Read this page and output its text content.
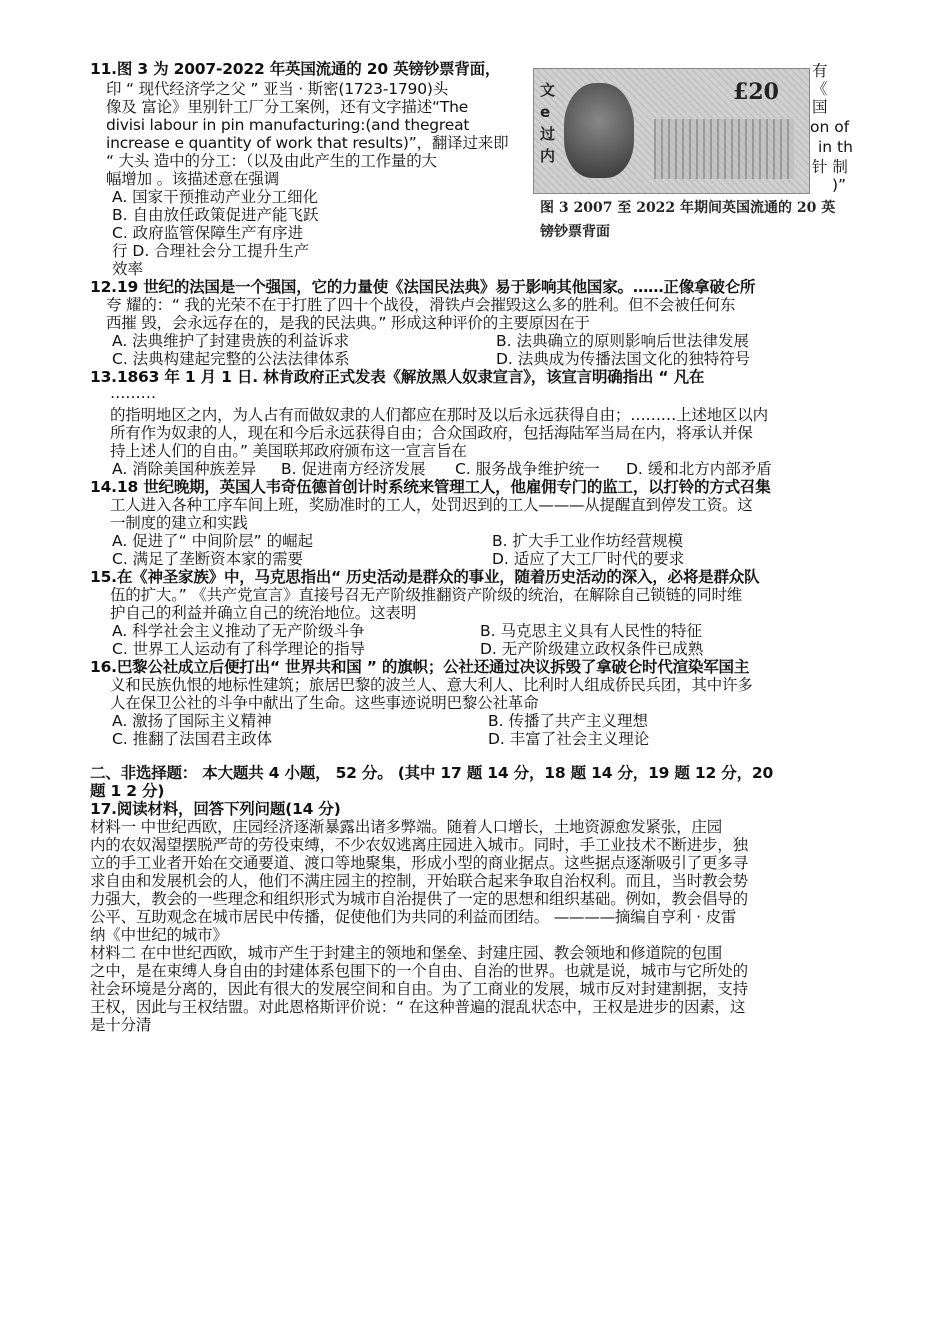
11.图 3 为 2007-2022 年英国流通的 20 英镑钞票背面，
印 “ 现代经济学之父 ” 亚当 · 斯密(1723-1790)头
像及 富论》里别针工厂分工案例，还有文字描述“The
divisi labour in pin manufacturing:(and thegreat
increase e quantity of work that results)”，翻译过来即
“ 大头 造中的分工：（以及由此产生的工作量的大
幅增加 。该描述意在强调
有
《
国
on of
in th
针 制
)”
文
e
过
内
£20
图 3 2007 至 2022 年期间英国流通的 20 英
镑钞票背面
A. 国家干预推动产业分工细化
B. 自由放任政策促进产能飞跃
C. 政府监管保障生产有序进
行 D. 合理社会分工提升生产
效率
12.19 世纪的法国是一个强国，它的力量使《法国民法典》易于影响其他国家。……正像拿破仑所
夸 耀的：“ 我的光荣不在于打胜了四十个战役，滑铁卢会摧毁这么多的胜利。但不会被任何东
西摧 毁，会永远存在的，是我的民法典。” 形成这种评价的主要原因在于
A. 法典维护了封建贵族的利益诉求	B. 法典确立的原则影响后世法律发展
C. 法典构建起完整的公法法律体系	D. 法典成为传播法国文化的独特符号
13.1863 年 1 月 1 日. 林肯政府正式发表《解放黑人奴隶宣言》，该宣言明确指出 “ 凡在
………
的指明地区之内，为人占有而做奴隶的人们都应在那时及以后永远获得自由；………上述地区以内
所有作为奴隶的人，现在和今后永远获得自由；合众国政府，包括海陆军当局在内，将承认并保
持上述人们的自由。” 美国联邦政府颁布这一宣言旨在
A. 消除美国种族差异 B. 促进南方经济发展 C. 服务战争维护统一 D. 缓和北方内部矛盾
14.18 世纪晚期，英国人韦奇伍德首创计时系统来管理工人，他雇佣专门的监工，以打铃的方式召集
工人进入各种工序车间上班，奖励准时的工人，处罚迟到的工人———从提醒直到停发工资。这
一制度的建立和实践
A. 促进了“ 中间阶层” 的崛起	B. 扩大手工业作坊经营规模
C. 满足了垄断资本家的需要	D. 适应了大工厂时代的要求
15.在《神圣家族》中，马克思指出“ 历史活动是群众的事业，随着历史活动的深入，必将是群众队
伍的扩大。” 《共产党宣言》直接号召无产阶级推翻资产阶级的统治，在解除自己锁链的同时维
护自己的利益并确立自己的统治地位。这表明
A. 科学社会主义推动了无产阶级斗争	B. 马克思主义具有人民性的特征
C. 世界工人运动有了科学理论的指导	D. 无产阶级建立政权条件已成熟
16.巴黎公社成立后便打出“ 世界共和国 ” 的旗帜；公社还通过决议拆毁了拿破仑时代渲染军国主
义和民族仇恨的地标性建筑；旅居巴黎的波兰人、意大利人、比利时人组成侨民兵团，其中许多
人在保卫公社的斗争中献出了生命。这些事迹说明巴黎公社革命
A. 激扬了国际主义精神	B. 传播了共产主义理想
C. 推翻了法国君主政体	D. 丰富了社会主义理论
二、非选择题： 本大题共 4 小题， 52 分。 (其中 17 题 14 分，18 题 14 分，19 题 12 分，20
题 1 2 分)
17.阅读材料，回答下列问题(14 分)
材料一 中世纪西欧，庄园经济逐渐暴露出诸多弊端。随着人口增长，土地资源愈发紧张，庄园
内的农奴渴望摆脱严苛的劳役束缚，不少农奴逃离庄园进入城市。同时，手工业技术不断进步，独
立的手工业者开始在交通要道、渡口等地聚集，形成小型的商业据点。这些据点逐渐吸引了更多寻
求自由和发展机会的人，他们不满庄园主的控制，开始联合起来争取自治权利。而且，当时教会势
力强大，教会的一些理念和组织形式为城市自治提供了一定的思想和组织基础。例如，教会倡导的
公平、互助观念在城市居民中传播，促使他们为共同的利益而团结。 ————摘编自亨利 · 皮雷
纳《中世纪的城市》
材料二 在中世纪西欧，城市产生于封建主的领地和堡垒、封建庄园、教会领地和修道院的包围
之中，是在束缚人身自由的封建体系包围下的一个自由、自治的世界。也就是说，城市与它所处的
社会环境是分离的，因此有很大的发展空间和自由。为了工商业的发展，城市反对封建割据，支持
王权，因此与王权结盟。对此恩格斯评价说：“ 在这种普遍的混乱状态中，王权是进步的因素，这
是十分清
